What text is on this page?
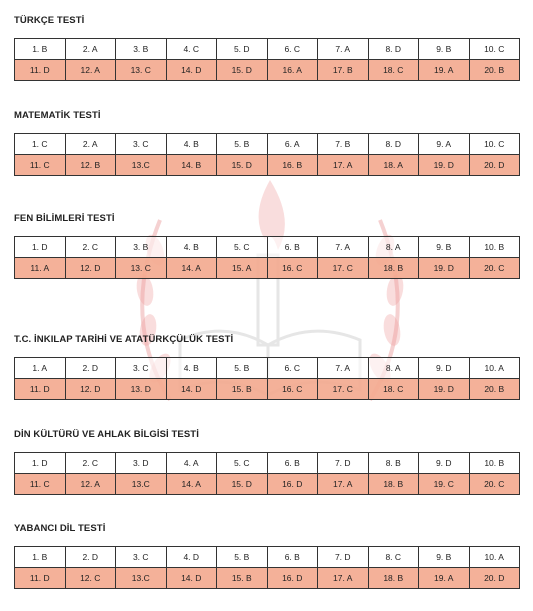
TÜRKÇE TESTİ
1. B	2. A	3. B	4. C	5. D	6. C	7. A	8. D	9. B	10. C
11. D	12. A	13. C	14. D	15. D	16. A	17. B	18. C	19. A	20. B
MATEMATİK TESTİ
1. C	2. A	3. C	4. B	5. B	6. A	7. B	8. D	9. A	10. C
11. C	12. B	13.C	14. B	15. D	16. B	17. A	18. A	19. D	20. D
FEN BİLİMLERİ TESTİ
1. D	2. C	3. B	4. B	5. C	6. B	7. A	8. A	9. B	10. B
11. A	12. D	13. C	14. A	15. A	16. C	17. C	18. B	19. D	20. C
T.C. İNKILAP TARİHİ VE ATATÜRKÇÜLÜK TESTİ
1. A	2. D	3. C	4. B	5. B	6. C	7. A	8. A	9. D	10. A
11. D	12. D	13. D	14. D	15. B	16. C	17. C	18. C	19. D	20. B
DİN KÜLTÜRÜ VE AHLAK BİLGİSİ TESTİ
1. D	2. C	3. D	4. A	5. C	6. B	7. D	8. B	9. D	10. B
11. C	12. A	13.C	14. A	15. D	16. D	17. A	18. B	19. C	20. C
YABANCI DİL TESTİ
1. B	2. D	3. C	4. D	5. B	6. B	7. D	8. C	9. B	10. A
11. D	12. C	13.C	14. D	15. B	16. D	17. A	18. B	19. A	20. D
